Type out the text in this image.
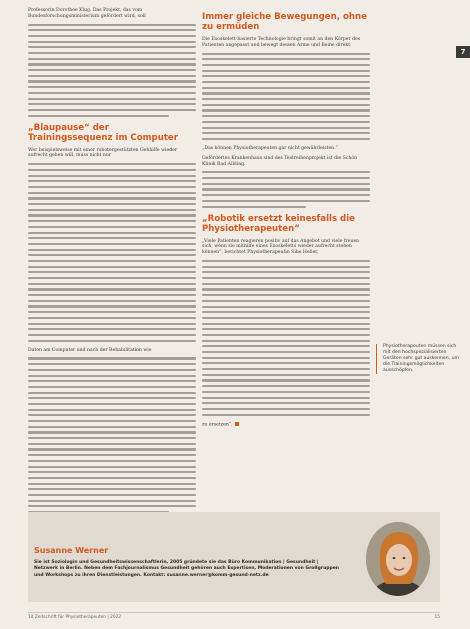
7

Professorin Dorothee Klug. Das Projekt, das vom Bundesforschungsministerium gefördert wird, soll

„Blaupause“ der Trainingssequenz im Computer

Wer beispielsweise mit einer robotergestützten Gehhilfe wieder aufrecht gehen will, muss nicht nur

Daten am Computer und nach der Rehabilitation wie

Immer gleiche Bewegungen, ohne zu ermüden

Die Exoskelett-basierte Technologie bringt somit an den Körper des Patienten angepasst und bewegt dessen Arme und Beine direkt.

„Das können Physiotherapeuten gar nicht gewährleisten.“

Gefördertes Krankenhaus sind des Testreihenprojekt ist die Schön Klinik Bad Aibling.

„Robotik ersetzt keinesfalls die Physiotherapeuten“

„Viele Patienten reagieren positiv auf das Angebot und viele freuen sich, wenn sie mithilfe eines Exoskeletts wieder aufrecht stehen können“, berichtet Physiotherapeutin Sibe Heller,

zu ersetzen“.

Physiotherapeuten müssen sich mit den hochspezialisierten Geräten sehr gut auskennen, um die Trainingsmöglichkeiten ausschöpfen.
Susanne Werner
Sie ist Soziologin und Gesundheitswissenschaftlerin, 2005 gründete sie das Büro Kommunikation | Gesundheit | Netzwerk in Berlin. Neben dem Fachjournalismus Gesundheit gehören auch Expertisen, Moderationen von Großgruppen und Workshops zu ihren Dienstleistungen. Kontakt: susanne.werner@komm-gesund-netz.de
14 Zeitschrift für Physiotherapeuten | 2022	15
